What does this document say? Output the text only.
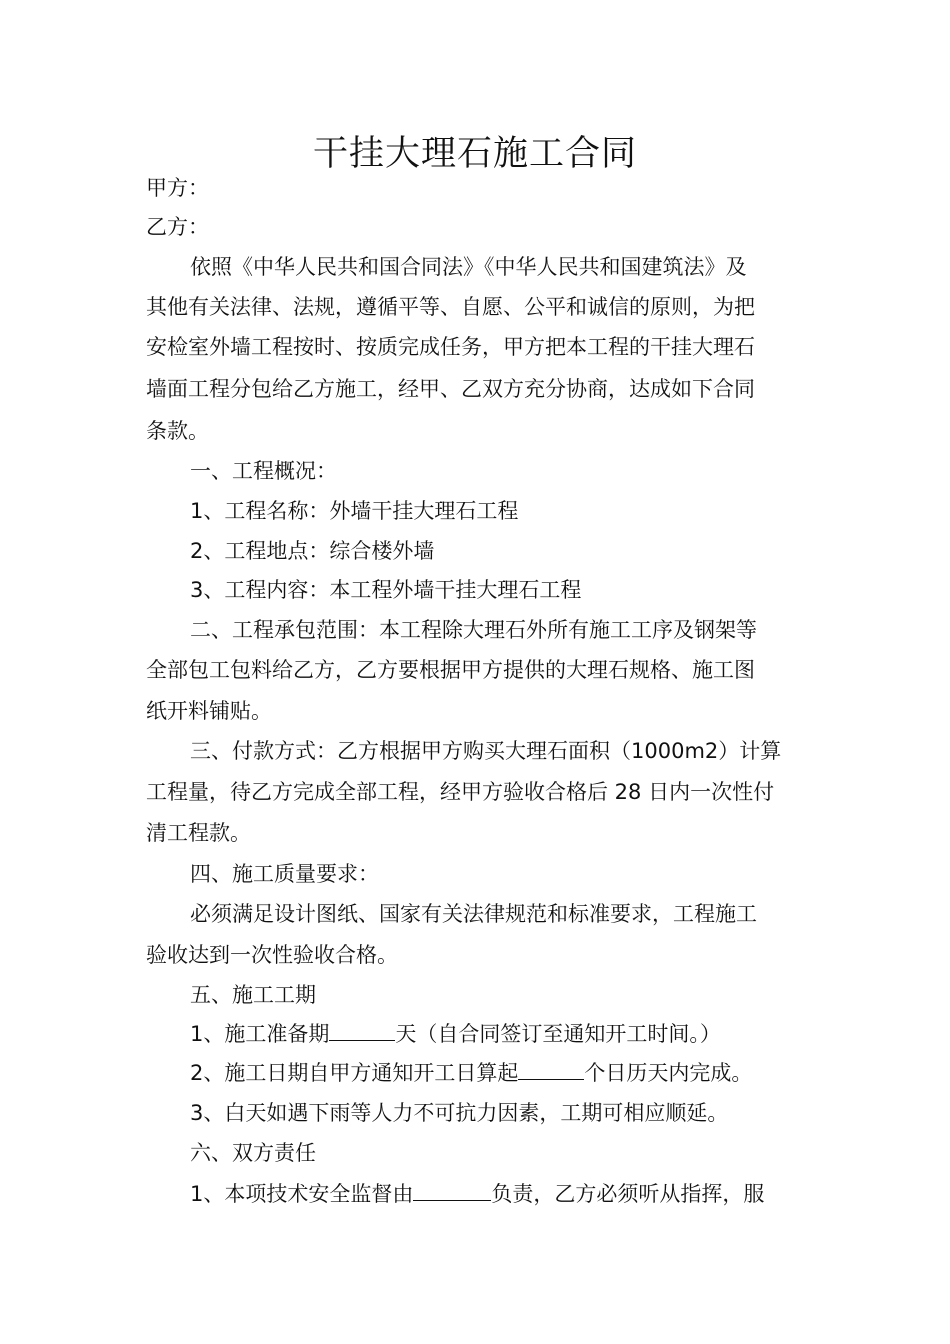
干挂大理石施工合同
甲方：
乙方：
依照《中华人民共和国合同法》《中华人民共和国建筑法》及
其他有关法律、法规，遵循平等、自愿、公平和诚信的原则，为把
安检室外墙工程按时、按质完成任务，甲方把本工程的干挂大理石
墙面工程分包给乙方施工，经甲、乙双方充分协商，达成如下合同
条款。
一、工程概况：
1、工程名称：外墙干挂大理石工程
2、工程地点：综合楼外墙
3、工程内容：本工程外墙干挂大理石工程
二、工程承包范围：本工程除大理石外所有施工工序及钢架等
全部包工包料给乙方，乙方要根据甲方提供的大理石规格、施工图
纸开料铺贴。
三、付款方式：乙方根据甲方购买大理石面积（1000m2）计算
工程量，待乙方完成全部工程，经甲方验收合格后 28 日内一次性付
清工程款。
四、施工质量要求：
必须满足设计图纸、国家有关法律规范和标准要求，工程施工
验收达到一次性验收合格。
五、施工工期
1、施工准备期	天（自合同签订至通知开工时间。）
2、施工日期自甲方通知开工日算起	个日历天内完成。
3、白天如遇下雨等人力不可抗力因素，工期可相应顺延。
六、双方责任
1、本项技术安全监督由	负责，乙方必须听从指挥，服
